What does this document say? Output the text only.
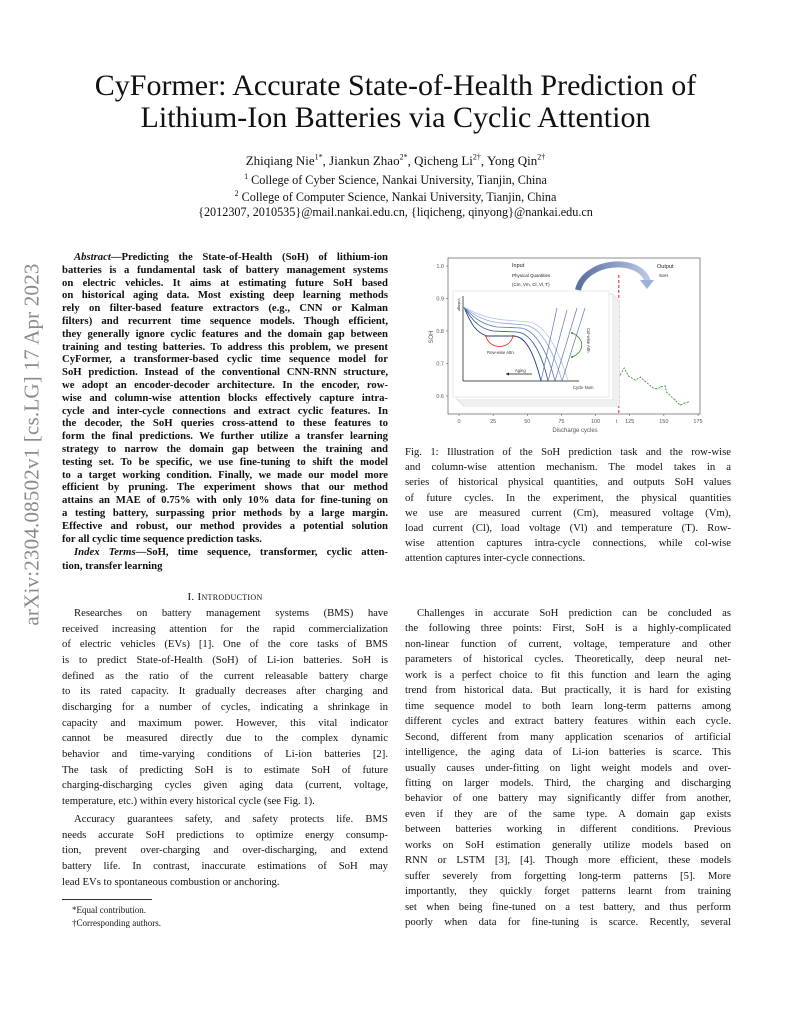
arXiv:2304.08502v1 [cs.LG] 17 Apr 2023
CyFormer: Accurate State-of-Health Prediction of
Lithium-Ion Batteries via Cyclic Attention
Zhiqiang Nie$^{1*}$, Jiankun Zhao$^{2*}$, Qicheng $Li^{2\dagger}$, Yong Qin$^{2\dagger}$
$^1$ College of Cyber Science, Nankai University, Tianjin, China
$^2$ College of Computer Science, Nankai University, Tianjin, China
{2012307, 2010535}@mail.nankai.edu.cn, {liqicheng, qinyong}@nankai.edu.cn
Abstract—Predicting the State-of-Health (SoH) of lithium-ion
batteries is a fundamental task of battery management systems
on electric vehicles. It aims at estimating future SoH based
on historical aging data. Most existing deep learning methods
rely on filter-based feature extractors (e.g., CNN or Kalman
filters) and recurrent time sequence models. Though efficient,
they generally ignore cyclic features and the domain gap between
training and testing batteries. To address this problem, we present
CyFormer, a transformer-based cyclic time sequence model for
SoH prediction. Instead of the conventional CNN-RNN structure,
we adopt an encoder-decoder architecture. In the encoder, row-
wise and column-wise attention blocks effectively capture intra-
cycle and inter-cycle connections and extract cyclic features. In
the decoder, the SoH queries cross-attend to these features to
form the final predictions. We further utilize a transfer learning
strategy to narrow the domain gap between the training and
testing set. To be specific, we use fine-tuning to shift the model
to a target working condition. Finally, we made our model more
efficient by pruning. The experiment shows that our method
attains an MAE of 0.75% with only 10% data for fine-tuning on
a testing battery, surpassing prior methods by a large margin.
Effective and robust, our method provides a potential solution
for all cyclic time sequence prediction tasks.
Index Terms—SoH, time sequence, transformer, cyclic atten-
tion, transfer learning
I. Introduction
Researches on battery management systems (BMS) have
received increasing attention for the rapid commercialization
of electric vehicles (EVs) [1]. One of the core tasks of BMS
is to predict State-of-Health (SoH) of Li-ion batteries. SoH is
defined as the ratio of the current releasable battery charge
to its rated capacity. It gradually decreases after charging and
discharging for a number of cycles, indicating a shrinkage in
capacity and maximum power. However, this vital indicator
cannot be measured directly due to the complex dynamic
behavior and time-varying conditions of Li-ion batteries [2].
The task of predicting SoH is to estimate SoH of future
charging-discharging cycles given aging data (current, voltage,
temperature, etc.) within every historical cycle (see Fig. 1).
Accuracy guarantees safety, and safety protects life. BMS
needs accurate SoH predictions to optimize energy consump-
tion, prevent over-charging and over-discharging, and extend
battery life. In contrast, inaccurate estimations of SoH may
lead EVs to spontaneous combustion or anchoring.
*Equal contribution.
†Corresponding authors.
0	25	50	75	100	125	150	175
0.6
0.7
0.8
0.9
1.0
t
Discharge cycles
SOH
Voltage
Cycle Num
Row-wise Attn.	Col-wise Attn.
Aging
Input
Physical Quantities
(Cm, Vm, Cl, Vl, T)
Output
SoH
Fig. 1: Illustration of the SoH prediction task and the row-wise
and column-wise attention mechanism. The model takes in a
series of historical physical quantities, and outputs SoH values
of future cycles. In the experiment, the physical quantities
we use are measured current (Cm), measured voltage (Vm),
load current (Cl), load voltage (Vl) and temperature (T). Row-
wise attention captures intra-cycle connections, while col-wise
attention captures inter-cycle connections.
Challenges in accurate SoH prediction can be concluded as
the following three points: First, SoH is a highly-complicated
non-linear function of current, voltage, temperature and other
parameters of historical cycles. Theoretically, deep neural net-
work is a perfect choice to fit this function and learn the aging
trend from historical data. But practically, it is hard for existing
time sequence model to both learn long-term patterns among
different cycles and extract battery features within each cycle.
Second, different from many application scenarios of artificial
intelligence, the aging data of Li-ion batteries is scarce. This
usually causes under-fitting on light weight models and over-
fitting on larger models. Third, the charging and discharging
behavior of one battery may significantly differ from another,
even if they are of the same type. A domain gap exists
between batteries working in different conditions. Previous
works on SoH estimation generally utilize models based on
RNN or LSTM [3], [4]. Though more efficient, these models
suffer severely from forgetting long-term patterns [5]. More
importantly, they quickly forget patterns learnt from training
set when being fine-tuned on a test battery, and thus perform
poorly when data for fine-tuning is scarce. Recently, several
